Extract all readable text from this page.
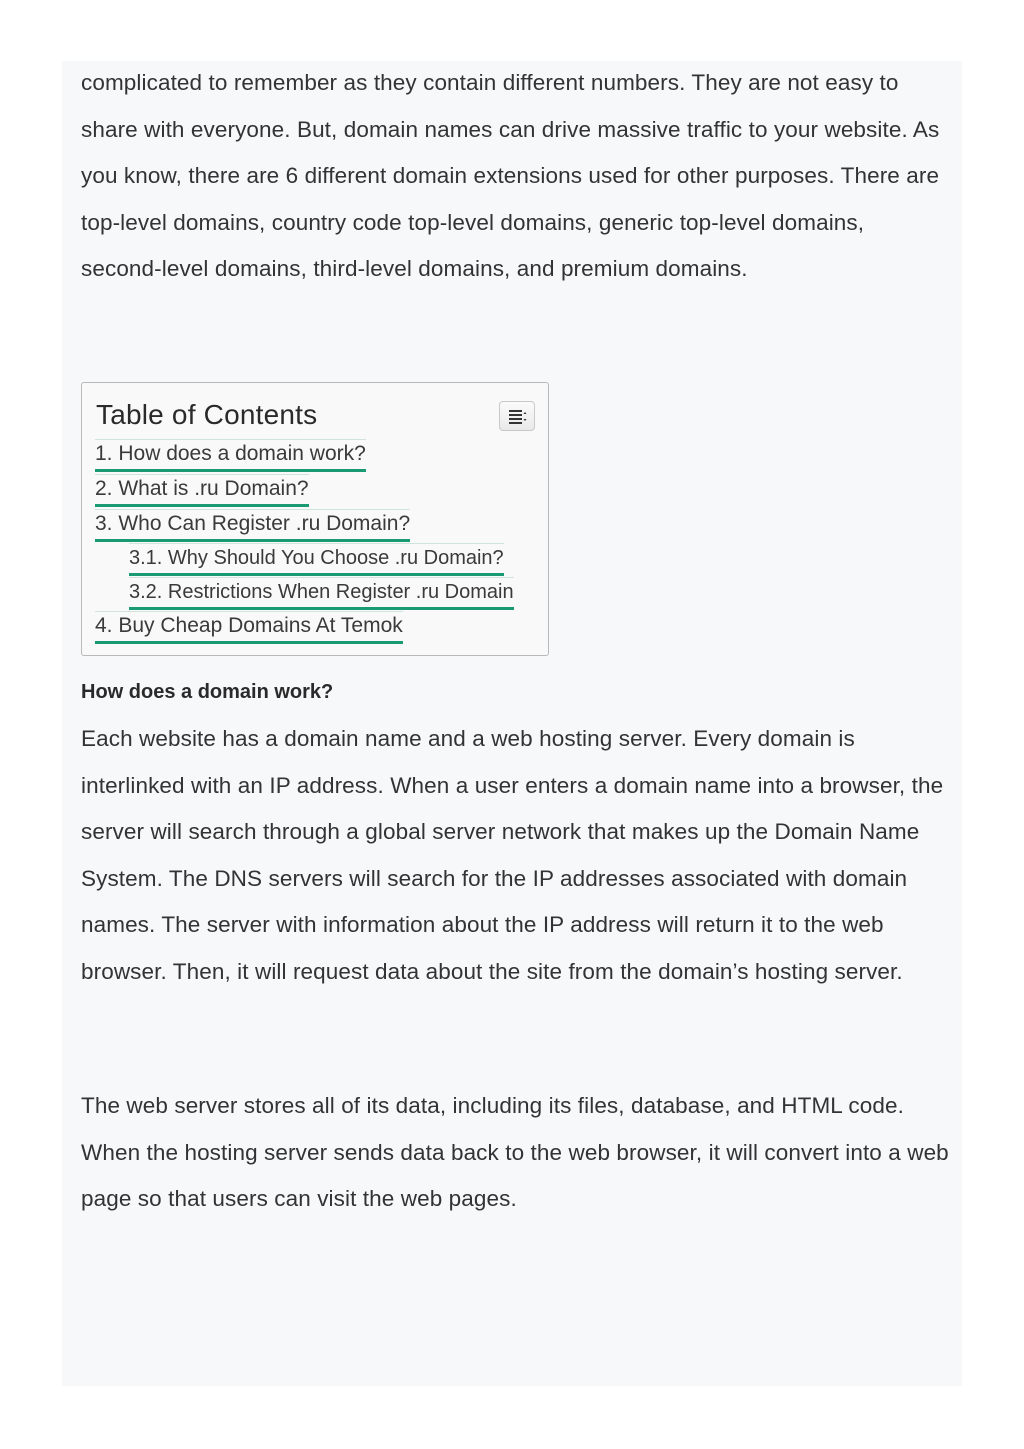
complicated to remember as they contain different numbers. They are not easy to share with everyone. But, domain names can drive massive traffic to your website. As you know, there are 6 different domain extensions used for other purposes. There are top-level domains, country code top-level domains, generic top-level domains, second-level domains, third-level domains, and premium domains.

Table of Contents
1. How does a domain work?
2. What is .ru Domain?
3. Who Can Register .ru Domain?
3.1. Why Should You Choose .ru Domain?
3.2. Restrictions When Register .ru Domain
4. Buy Cheap Domains At Temok
How does a domain work?

Each website has a domain name and a web hosting server. Every domain is interlinked with an IP address. When a user enters a domain name into a browser, the server will search through a global server network that makes up the Domain Name System. The DNS servers will search for the IP addresses associated with domain names. The server with information about the IP address will return it to the web browser. Then, it will request data about the site from the domain’s hosting server.

The web server stores all of its data, including its files, database, and HTML code. When the hosting server sends data back to the web browser, it will convert into a web page so that users can visit the web pages.
